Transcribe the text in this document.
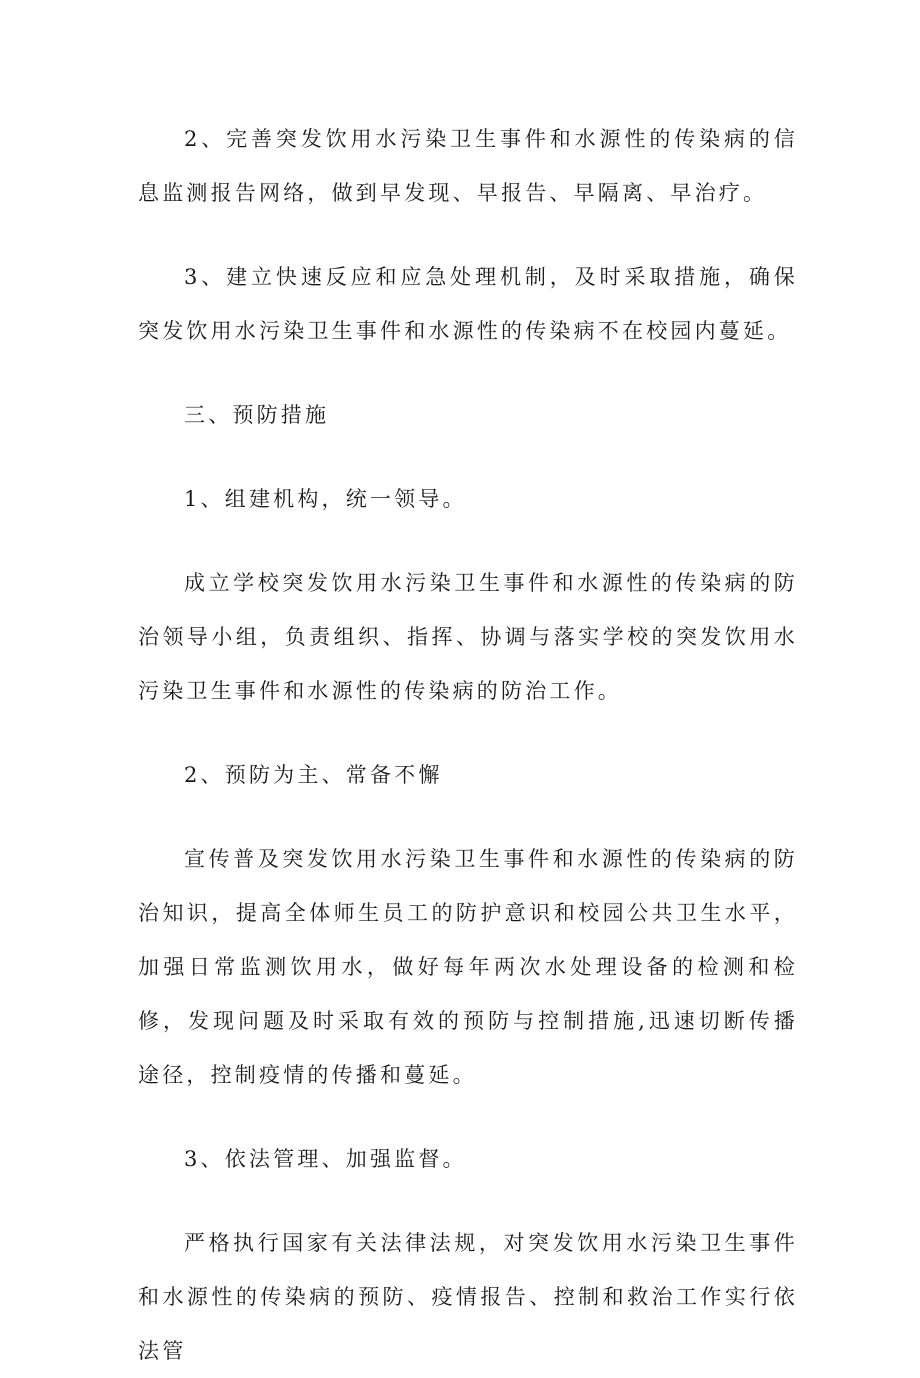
2、完善突发饮用水污染卫生事件和水源性的传染病的信息监测报告网络，做到早发现、早报告、早隔离、早治疗。

3、建立快速反应和应急处理机制，及时采取措施，确保突发饮用水污染卫生事件和水源性的传染病不在校园内蔓延。

三、预防措施

1、组建机构，统一领导。

成立学校突发饮用水污染卫生事件和水源性的传染病的防治领导小组，负责组织、指挥、协调与落实学校的突发饮用水污染卫生事件和水源性的传染病的防治工作。

2、预防为主、常备不懈

宣传普及突发饮用水污染卫生事件和水源性的传染病的防治知识，提高全体师生员工的防护意识和校园公共卫生水平，加强日常监测饮用水，做好每年两次水处理设备的检测和检修，发现问题及时采取有效的预防与控制措施,迅速切断传播途径，控制疫情的传播和蔓延。

3、依法管理、加强监督。

严格执行国家有关法律法规，对突发饮用水污染卫生事件和水源性的传染病的预防、疫情报告、控制和救治工作实行依法管
